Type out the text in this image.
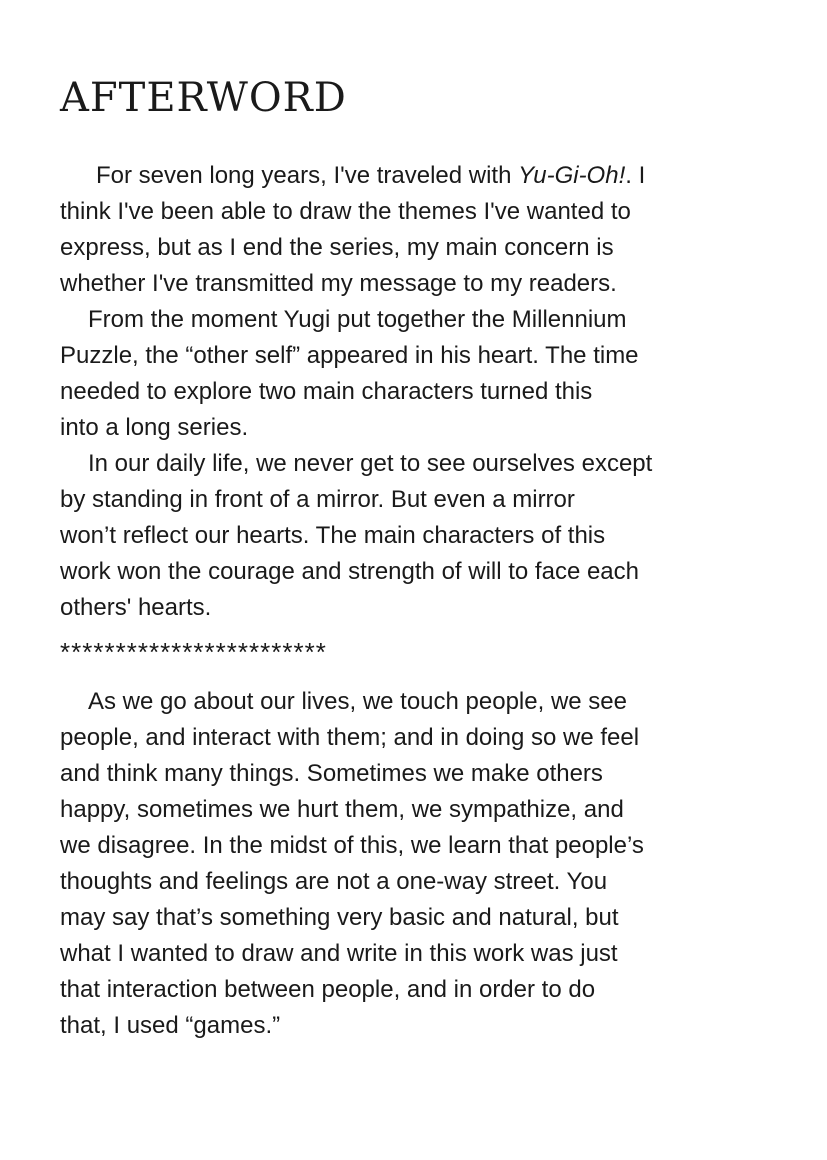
AFTERWORD
For seven long years, I've traveled with Yu-Gi-Oh!. I
think I've been able to draw the themes I've wanted to
express, but as I end the series, my main concern is
whether I've transmitted my message to my readers.
From the moment Yugi put together the Millennium
Puzzle, the “other self” appeared in his heart. The time
needed to explore two main characters turned this
into a long series.
In our daily life, we never get to see ourselves except
by standing in front of a mirror. But even a mirror
won’t reflect our hearts. The main characters of this
work won the courage and strength of will to face each
others' hearts.
************************
As we go about our lives, we touch people, we see
people, and interact with them; and in doing so we feel
and think many things. Sometimes we make others
happy, sometimes we hurt them, we sympathize, and
we disagree. In the midst of this, we learn that people’s
thoughts and feelings are not a one-way street. You
may say that’s something very basic and natural, but
what I wanted to draw and write in this work was just
that interaction between people, and in order to do
that, I used “games.”
